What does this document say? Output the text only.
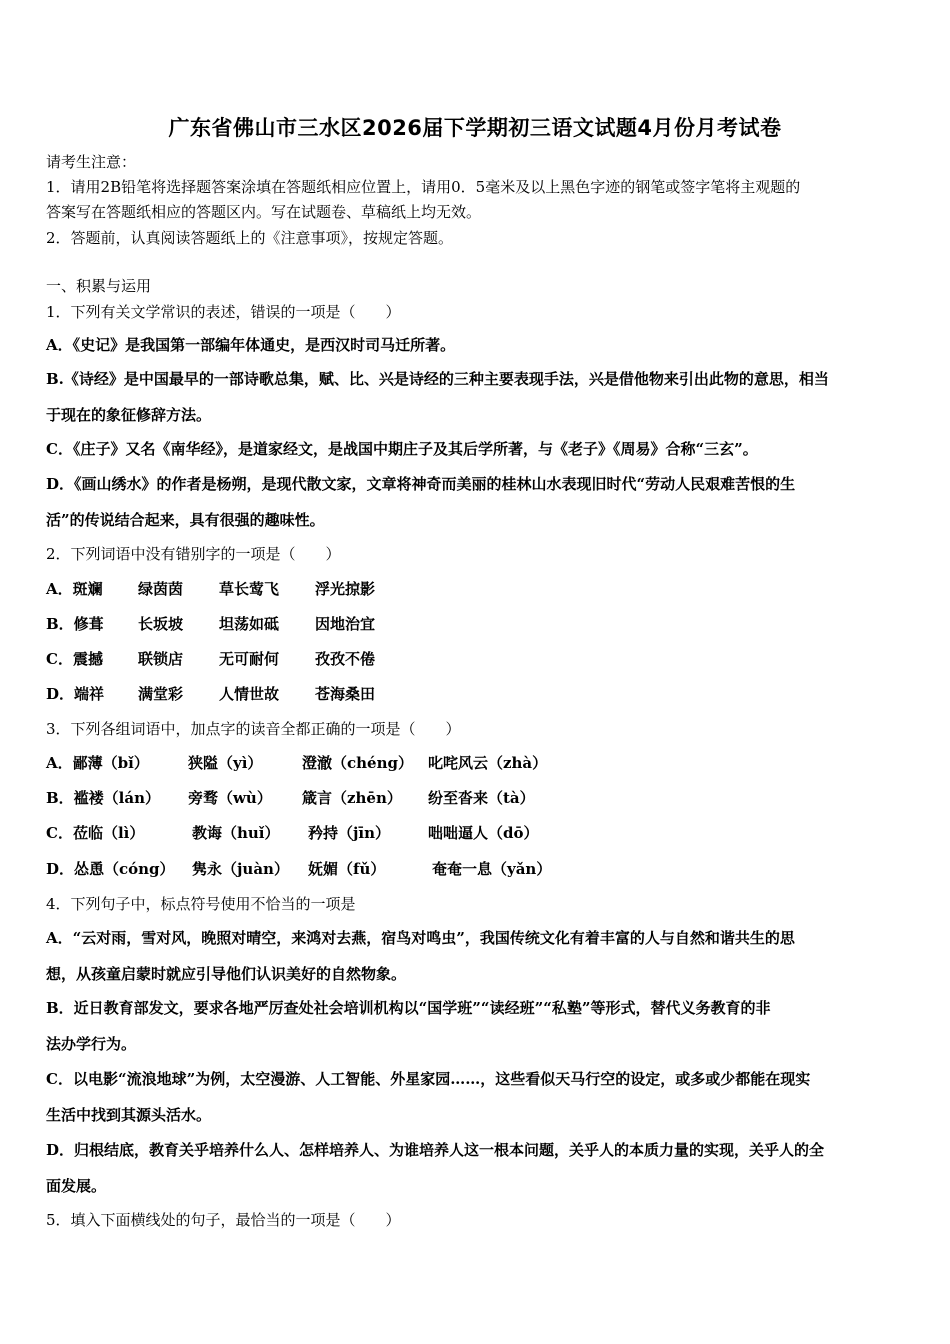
广东省佛山市三水区2026届下学期初三语文试题4月份月考试卷
请考生注意：
1．请用2B铅笔将选择题答案涂填在答题纸相应位置上，请用0．5毫米及以上黑色字迹的钢笔或签字笔将主观题的
答案写在答题纸相应的答题区内。写在试题卷、草稿纸上均无效。
2．答题前，认真阅读答题纸上的《注意事项》，按规定答题。
一、积累与运用
1．下列有关文学常识的表述，错误的一项是（　　）
A．《史记》是我国第一部编年体通史，是西汉时司马迁所著。
B.《诗经》是中国最早的一部诗歌总集，赋、比、兴是诗经的三种主要表现手法，兴是借他物来引出此物的意思，相当
于现在的象征修辞方法。
C．《庄子》又名《南华经》，是道家经文，是战国中期庄子及其后学所著，与《老子》《周易》合称“三玄”。
D．《画山绣水》的作者是杨朔，是现代散文家，文章将神奇而美丽的桂林山水表现旧时代“劳动人民艰难苦恨的生
活”的传说结合起来，具有很强的趣味性。
2．下列词语中没有错别字的一项是（　　）
A．斑斓 绿茵茵 草长莺飞 浮光掠影
B．修葺 长坂坡 坦荡如砥 因地治宜
C．震撼 联锁店 无可耐何 孜孜不倦
D．端祥 满堂彩 人情世故 苍海桑田
3．下列各组词语中，加点字的读音全都正确的一项是（　　）
A．鄙薄（bǐ）	狭隘（yì）	澄澈（chéng） 叱咤风云（zhà）
B．褴褛（lán） 旁骛（wù） 箴言（zhēn） 纷至沓来（tà）
C．莅临（lì）	教诲（huǐ） 矜持（jīn）	咄咄逼人（dō）
D．怂恿（cóng） 隽永（juàn） 妩媚（fǔ）	奄奄一息（yǎn）
4．下列句子中，标点符号使用不恰当的一项是
A．“云对雨，雪对风，晚照对晴空，来鸿对去燕，宿鸟对鸣虫”，我国传统文化有着丰富的人与自然和谐共生的思
想，从孩童启蒙时就应引导他们认识美好的自然物象。
B．近日教育部发文，要求各地严厉查处社会培训机构以“国学班”“读经班”“私塾”等形式，替代义务教育的非
法办学行为。
C．以电影“流浪地球”为例，太空漫游、人工智能、外星家园……，这些看似天马行空的设定，或多或少都能在现实
生活中找到其源头活水。
D．归根结底，教育关乎培养什么人、怎样培养人、为谁培养人这一根本问题，关乎人的本质力量的实现，关乎人的全
面发展。
5．填入下面横线处的句子，最恰当的一项是（　　）
